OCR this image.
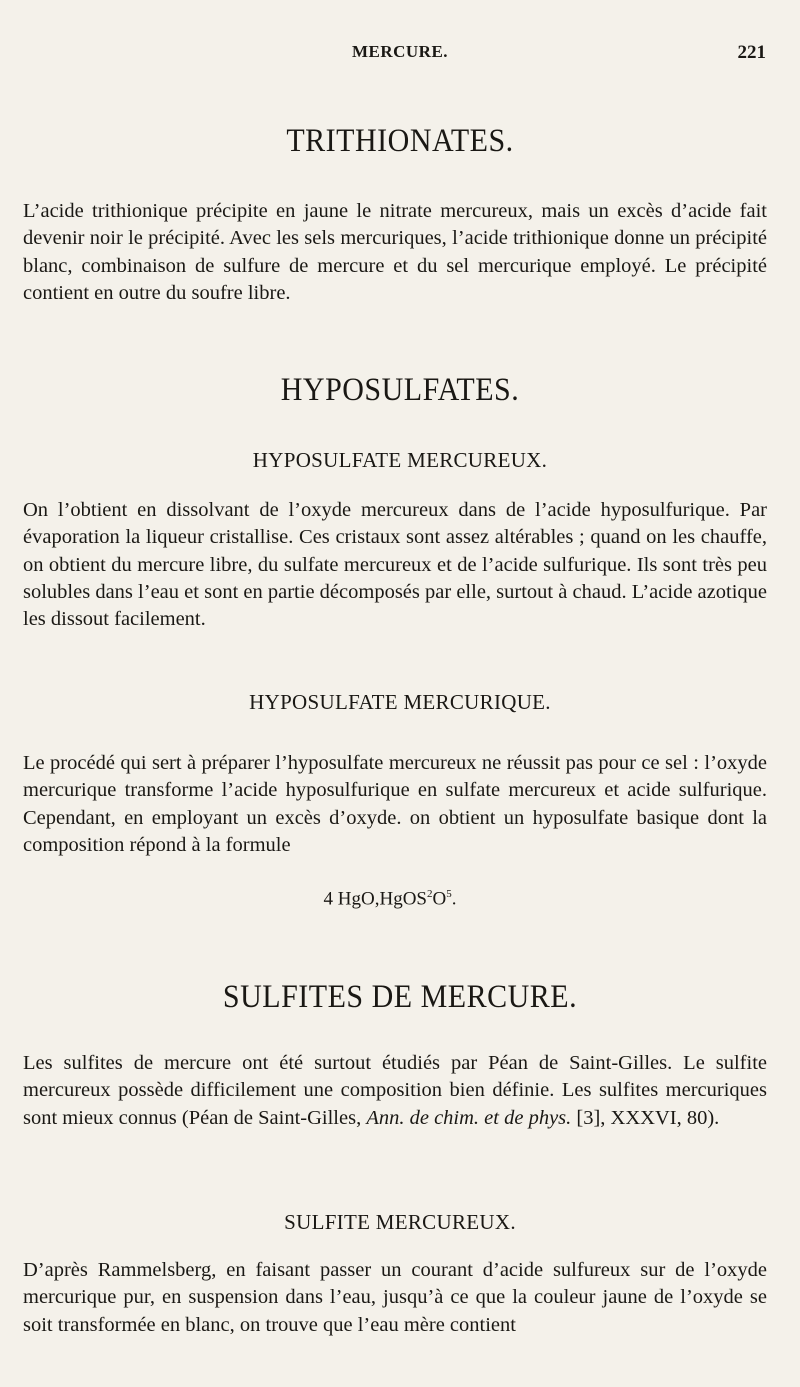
MERCURE.	221
TRITHIONATES.

L’acide trithionique précipite en jaune le nitrate mercureux, mais un excès d’acide fait devenir noir le précipité. Avec les sels mercuriques, l’acide trithionique donne un précipité blanc, combinaison de sulfure de mercure et du sel mercurique employé. Le précipité contient en outre du soufre libre.

HYPOSULFATES.
HYPOSULFATE MERCUREUX.

On l’obtient en dissolvant de l’oxyde mercureux dans de l’acide hyposulfurique. Par évaporation la liqueur cristallise. Ces cristaux sont assez altérables ; quand on les chauffe, on obtient du mercure libre, du sulfate mercureux et de l’acide sulfurique. Ils sont très peu solubles dans l’eau et sont en partie décomposés par elle, surtout à chaud. L’acide azotique les dissout facilement.

HYPOSULFATE MERCURIQUE.

Le procédé qui sert à préparer l’hyposulfate mercureux ne réussit pas pour ce sel : l’oxyde mercurique transforme l’acide hyposulfurique en sulfate mercureux et acide sulfurique. Cependant, en employant un excès d’oxyde. on obtient un hyposulfate basique dont la composition répond à la formule

4 $HgO,HgOS^2O^5$.
SULFITES DE MERCURE.

Les sulfites de mercure ont été surtout étudiés par Péan de Saint-Gilles. Le sulfite mercureux possède difficilement une composition bien définie. Les sulfites mercuriques sont mieux connus (Péan de Saint-Gilles, Ann. de chim. et de phys. [3], XXXVI, 80).

SULFITE MERCUREUX.

D’après Rammelsberg, en faisant passer un courant d’acide sulfureux sur de l’oxyde mercurique pur, en suspension dans l’eau, jusqu’à ce que la couleur jaune de l’oxyde se soit transformée en blanc, on trouve que l’eau mère contient
